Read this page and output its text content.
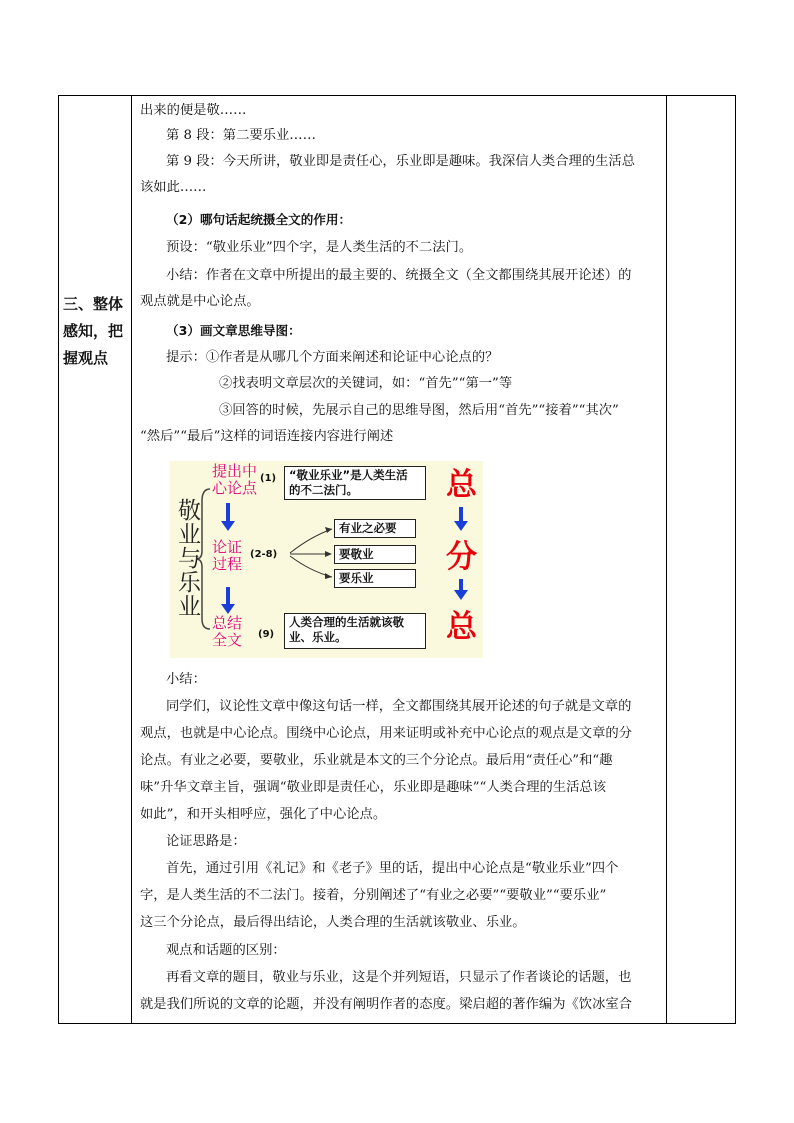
三、整体
感知，把
握观点
出来的便是敬……
第 8 段：第二要乐业……
第 9 段：今天所讲，敬业即是责任心，乐业即是趣味。我深信人类合理的生活总
该如此……
（2）哪句话起统摄全文的作用：
预设：“敬业乐业”四个字，是人类生活的不二法门。
小结：作者在文章中所提出的最主要的、统摄全文（全文都围绕其展开论述）的
观点就是中心论点。
（3）画文章思维导图：
提示：①作者是从哪几个方面来阐述和论证中心论点的？
②找表明文章层次的关键词，如：“首先”“第一”等
③回答的时候，先展示自己的思维导图，然后用“首先”“接着”“其次”
“然后”“最后”这样的词语连接内容进行阐述
敬
业
与
乐
业
提出中
心论点
(1) “敬业乐业”是人类生活
的不二法门。
论证
过程
(2-8)
有业之必要
要敬业
要乐业
总结
全文 (9)
人类合理的生活就该敬
业、乐业。
总
分
总
小结：
同学们，议论性文章中像这句话一样，全文都围绕其展开论述的句子就是文章的
观点，也就是中心论点。围绕中心论点，用来证明或补充中心论点的观点是文章的分
论点。有业之必要，要敬业，乐业就是本文的三个分论点。最后用“责任心”和“趣
味”升华文章主旨，强调“敬业即是责任心，乐业即是趣味”“人类合理的生活总该
如此”，和开头相呼应，强化了中心论点。
论证思路是：
首先，通过引用《礼记》和《老子》里的话，提出中心论点是“敬业乐业”四个
字，是人类生活的不二法门。接着，分别阐述了“有业之必要”“要敬业”“要乐业”
这三个分论点，最后得出结论，人类合理的生活就该敬业、乐业。
观点和话题的区别：
再看文章的题目，敬业与乐业，这是个并列短语，只显示了作者谈论的话题，也
就是我们所说的文章的论题，并没有阐明作者的态度。梁启超的著作编为《饮冰室合
